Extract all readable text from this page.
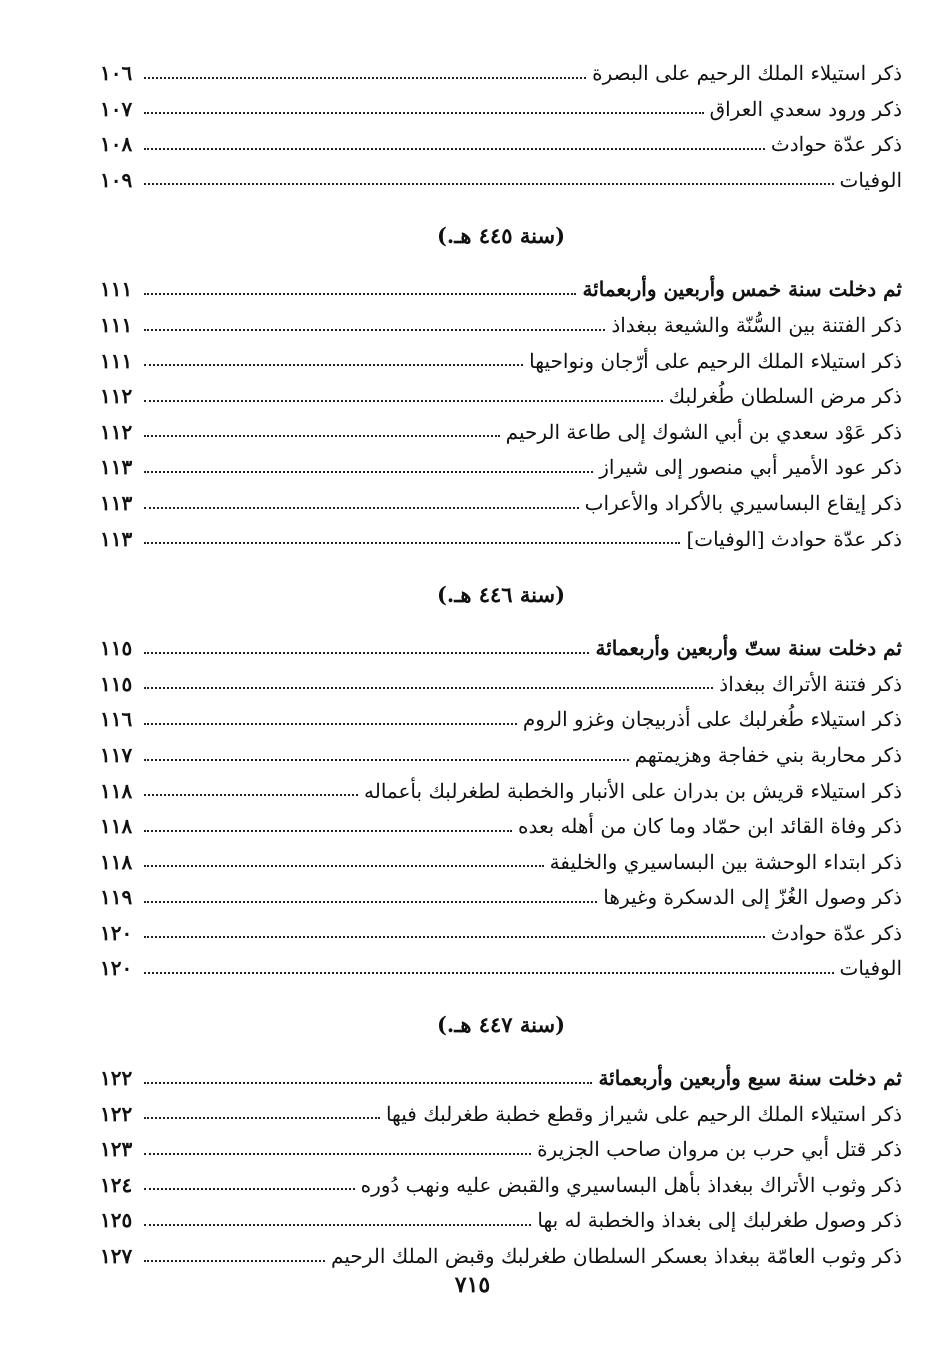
ذكر استيلاء الملك الرحيم على البصرة
١٠٦
ذكر ورود سعدي العراق
١٠٧
ذكر عدّة حوادث
١٠٨
الوفيات
١٠٩
(سنة ٤٤٥ هـ.)
ثم دخلت سنة خمس وأربعين وأربعمائة
١١١
ذكر الفتنة بين السُّنّة والشيعة ببغداذ
١١١
ذكر استيلاء الملك الرحيم على أرّجان ونواحيها
١١١
ذكر مرض السلطان طُغرلبك
١١٢
ذكر عَوْد سعدي بن أبي الشوك إلى طاعة الرحيم
١١٢
ذكر عود الأمير أبي منصور إلى شيراز
١١٣
ذكر إيقاع البساسيري بالأكراد والأعراب
١١٣
ذكر عدّة حوادث [الوفيات]
١١٣
(سنة ٤٤٦ هـ.)
ثم دخلت سنة ستّ وأربعين وأربعمائة
١١٥
ذكر فتنة الأتراك ببغداذ
١١٥
ذكر استيلاء طُغرلبك على أذربيجان وغزو الروم
١١٦
ذكر محاربة بني خفاجة وهزيمتهم
١١٧
ذكر استيلاء قريش بن بدران على الأنبار والخطبة لطغرلبك بأعماله
١١٨
ذكر وفاة القائد ابن حمّاد وما كان من أهله بعده
١١٨
ذكر ابتداء الوحشة بين البساسيري والخليفة
١١٨
ذكر وصول الغُزّ إلى الدسكرة وغيرها
١١٩
ذكر عدّة حوادث
١٢٠
الوفيات
١٢٠
(سنة ٤٤٧ هـ.)
ثم دخلت سنة سبع وأربعين وأربعمائة
١٢٢
ذكر استيلاء الملك الرحيم على شيراز وقطع خطبة طغرلبك فيها
١٢٢
ذكر قتل أبي حرب بن مروان صاحب الجزيرة
١٢٣
ذكر وثوب الأتراك ببغداذ بأهل البساسيري والقبض عليه ونهب دُوره
١٢٤
ذكر وصول طغرلبك إلى بغداذ والخطبة له بها
١٢٥
ذكر وثوب العامّة ببغداذ بعسكر السلطان طغرلبك وقبض الملك الرحيم
١٢٧
٧١٥
